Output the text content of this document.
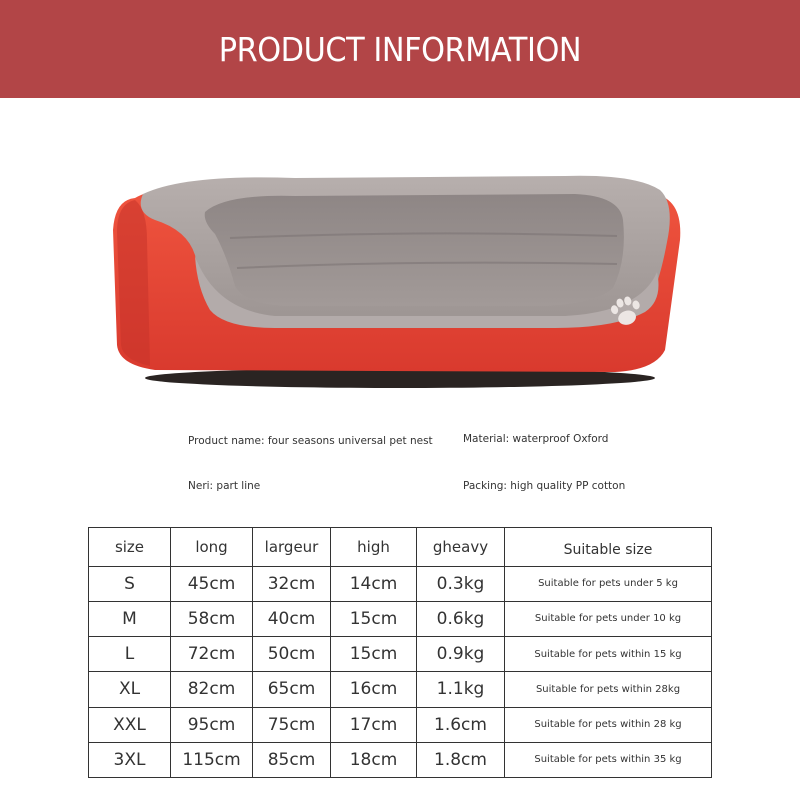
PRODUCT INFORMATION
Product name: four seasons universal pet nest	Material: waterproof Oxford
Neri: part line	Packing: high quality PP cotton
size	long	largeur	high	gheavy	Suitable size
S	45cm	32cm	14cm	0.3kg	Suitable for pets under 5 kg
M	58cm	40cm	15cm	0.6kg	Suitable for pets under 10 kg
L	72cm	50cm	15cm	0.9kg	Suitable for pets within 15 kg
XL	82cm	65cm	16cm	1.1kg	Suitable for pets within 28kg
XXL	95cm	75cm	17cm	1.6cm	Suitable for pets within 28 kg
3XL	115cm	85cm	18cm	1.8cm	Suitable for pets within 35 kg
